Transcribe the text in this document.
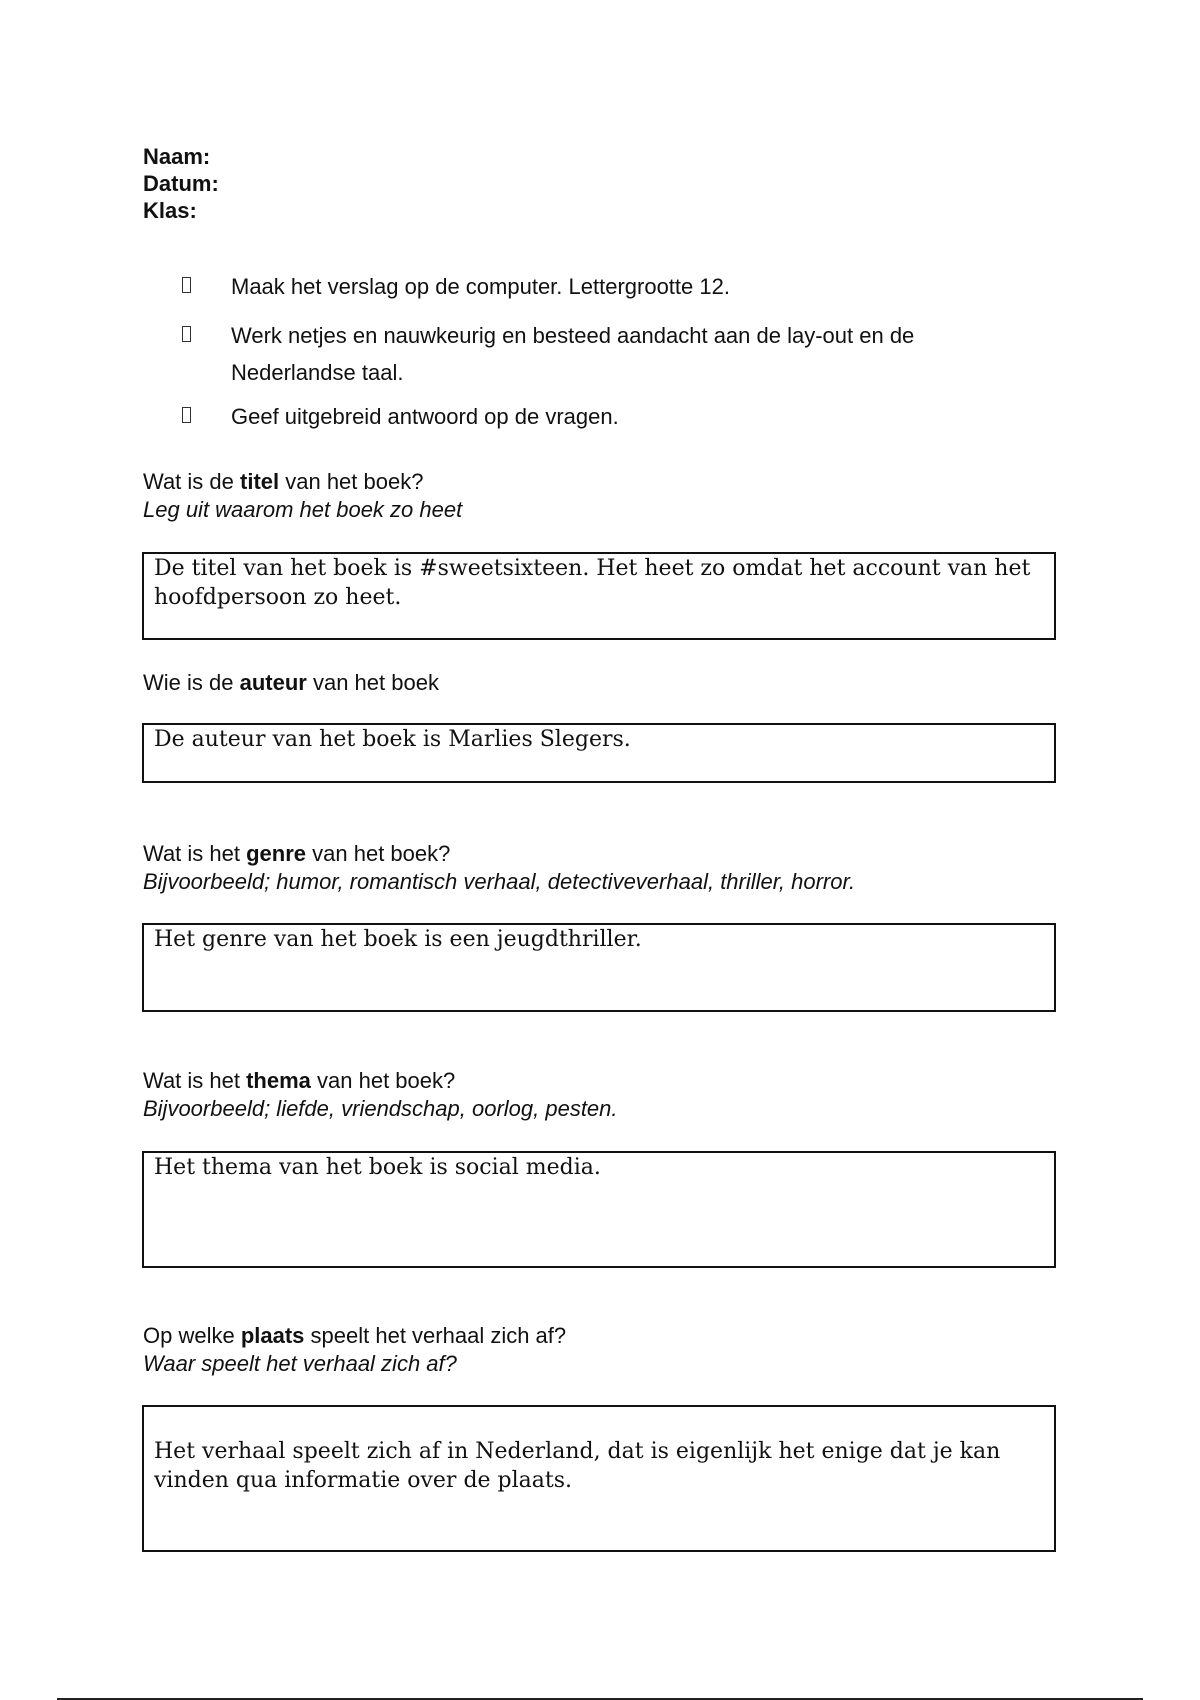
Naam:
Datum:
Klas:
Maak het verslag op de computer. Lettergrootte 12.
Werk netjes en nauwkeurig en besteed aandacht aan de lay-out en de Nederlandse taal.
Geef uitgebreid antwoord op de vragen.
Wat is de titel van het boek?
Leg uit waarom het boek zo heet
De titel van het boek is #sweetsixteen. Het heet zo omdat het account van het hoofdpersoon zo heet.
Wie is de auteur van het boek
De auteur van het boek is Marlies Slegers.
Wat is het genre van het boek?
Bijvoorbeeld; humor, romantisch verhaal, detectiveverhaal, thriller, horror.
Het genre van het boek is een jeugdthriller.
Wat is het thema van het boek?
Bijvoorbeeld; liefde, vriendschap, oorlog, pesten.
Het thema van het boek is social media.
Op welke plaats speelt het verhaal zich af?
Waar speelt het verhaal zich af?
Het verhaal speelt zich af in Nederland, dat is eigenlijk het enige dat je kan vinden qua informatie over de plaats.
